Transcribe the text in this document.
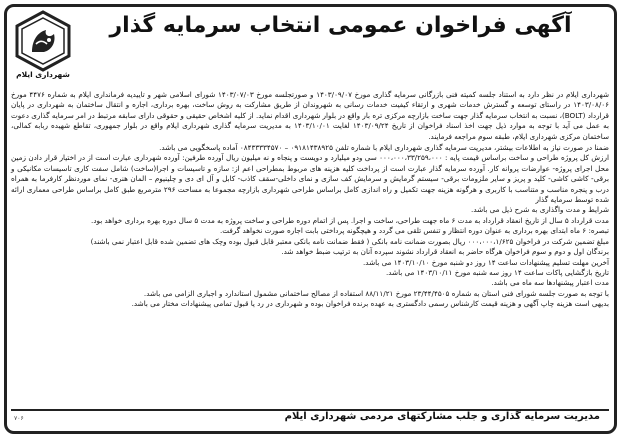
شهرداری ایلام
آگهی فراخوان عمومی انتخاب سرمایه گذار

شهرداری ایلام در نظر دارد به استناد جلسه کمیته فنی بازرگانی سرمایه گذاری مورخ ۱۴۰۳/۰۹/۰۷ و صورتجلسه مورخ ۱۴۰۳/۰۷/۰۳ شورای اسلامی شهر و تاییدیه فرمانداری ایلام به شماره ۴۴۷۶ مورخ ۱۴۰۳/۰۸/۰۶ در راستای توسعه و گسترش خدمات شهری و ارتقاء کیفیت خدمات رسانی به شهروندان از طریق مشارکت به روش ساخت، بهره برداری، اجاره و انتقال ساختمان به شهرداری در پایان قرارداد (BOLT)، نسبت به انتخاب سرمایه گذار جهت ساخت بازارچه مرکزی تره بار واقع در بلوار شهرداری اقدام نماید. از کلیه اشخاص حقیقی و حقوقی دارای سابقه مرتبط در امر سرمایه گذاری دعوت به عمل می آید با توجه به موارد ذیل جهت اخذ اسناد فراخوان از تاریخ ۱۴۰۳/۰۹/۲۴ لغایت ۱۴۰۳/۱۰/۰۱ به مدیریت سرمایه گذاری شهرداری ایلام واقع در بلوار جمهوری، تقاطع شهیده ربابه کمالی، ساختمان مرکزی شهرداری ایلام، طبقه سوم مراجعه فرمایند.

ضمنا در صورت نیاز به اطلاعات بیشتر، مدیریت سرمایه گذاری شهرداری ایلام با شماره تلفن ۰۹۱۸۱۴۳۸۹۲۵ – ۰۸۴۳۳۳۳۴۵۷۰ آماده پاسخگویی می باشد.

ارزش کل پروژه طراحی و ساخت براساس قیمت پایه : ۰۰۰،۰۰۰،۳۳/۲۵۹،۰۰۰ سی ودو میلیارد و دویست و پنجاه و نه میلیون ریال آورده طرفین: آورده شهرداری عبارت است از در اختیار قرار دادن زمین محل اجرای پروژه- عوارضات پروانه کار. آورده سرمایه گذار عبارت است از پرداخت کلیه هزینه های مربوط بمطراحی اعم از: سازه و تاسیسات و اجرا(ساخت) شامل سفت کاری تاسیسات مکانیکی و برقی- کاشی کاشی- کلید و پریز و سایر ملزومات برقی- سیستم گرمایش و سرمایش کف سازی و نمای داخلی-سقف کاذب- کابل و آل ای دی و چلینیوم – المان هنری- نمای موردنظر کارفرما به همراه درب و پنجره مناسب و متناسب با کاربری و هرگونه هزینه جهت تکمیل و راه اندازی کامل براساس طراحی شهرداری بازارچه مجموعا به مساحت ۲۹۶ مترمربع طبق کامل براساس طراحی معماری ارائه شده توسط سرمایه گذار

شرایط و مدت واگذاری به شرح ذیل می باشد.

مدت قرارداد ۵ سال از تاریخ انعقاد قرارداد به مدت ۶ ماه جهت طراحی، ساخت و اجرا. پس از اتمام دوره طراحی و ساخت پروژه به مدت ۵ سال دوره بهره برداری خواهد بود.

تبصره: ۶ ماه ابتدای بهره برداری به عنوان دوره انتظار و تنفس تلقی می گردد و هیچگونه پرداختی بابت اجاره صورت نخواهد گرفت.

مبلغ تضمین شرکت در فراخوان ۰۰۰،۰۰۰،۱/۶۲۵ ریال بصورت ضمانت نامه بانکی ( فقط ضمانت نامه بانکی معتبر قابل قبول بوده وچک های تضمین شده قابل اعتبار نمی باشند)

برندگان اول و دوم و سوم فراخوان هرگاه حاضر به انعقاد قرارداد نشوند سپرده آنان به ترتیب ضبط خواهد شد.

آخرین مهلت تسلیم پیشنهادات ساعت ۱۴ روز دو شنبه مورخ ۱۴۰۳/۱۰/۱۰ می باشد.

تاریخ بازگشایی پاکات ساعت ۱۴ روز سه شنبه مورخ ۱۴۰۳/۱۰/۱۱ می باشد.

مدت اعتبار پیشنهادها سه ماه می باشد.

با توجه به صورت جلسه شورای فنی استان به شماره ۲۳/۴۴/۴۵۰۵ مورخ ۸۸/۱۱/۲۱ استفاده از مصالح ساختمانی مشمول استاندارد و اجباری الزامی می باشد.

بدیهی است هزینه چاپ آگهی و هزینه قیمت کارشناس رسمی دادگستری به عهده برنده فراخوان بوده و شهرداری در رد یا قبول تمامی پیشنهادات مختار می باشد.

مدیریت سرمایه گذاری و جلب مشارکتهای مردمی شهرداری ایلام
۷۰۶
